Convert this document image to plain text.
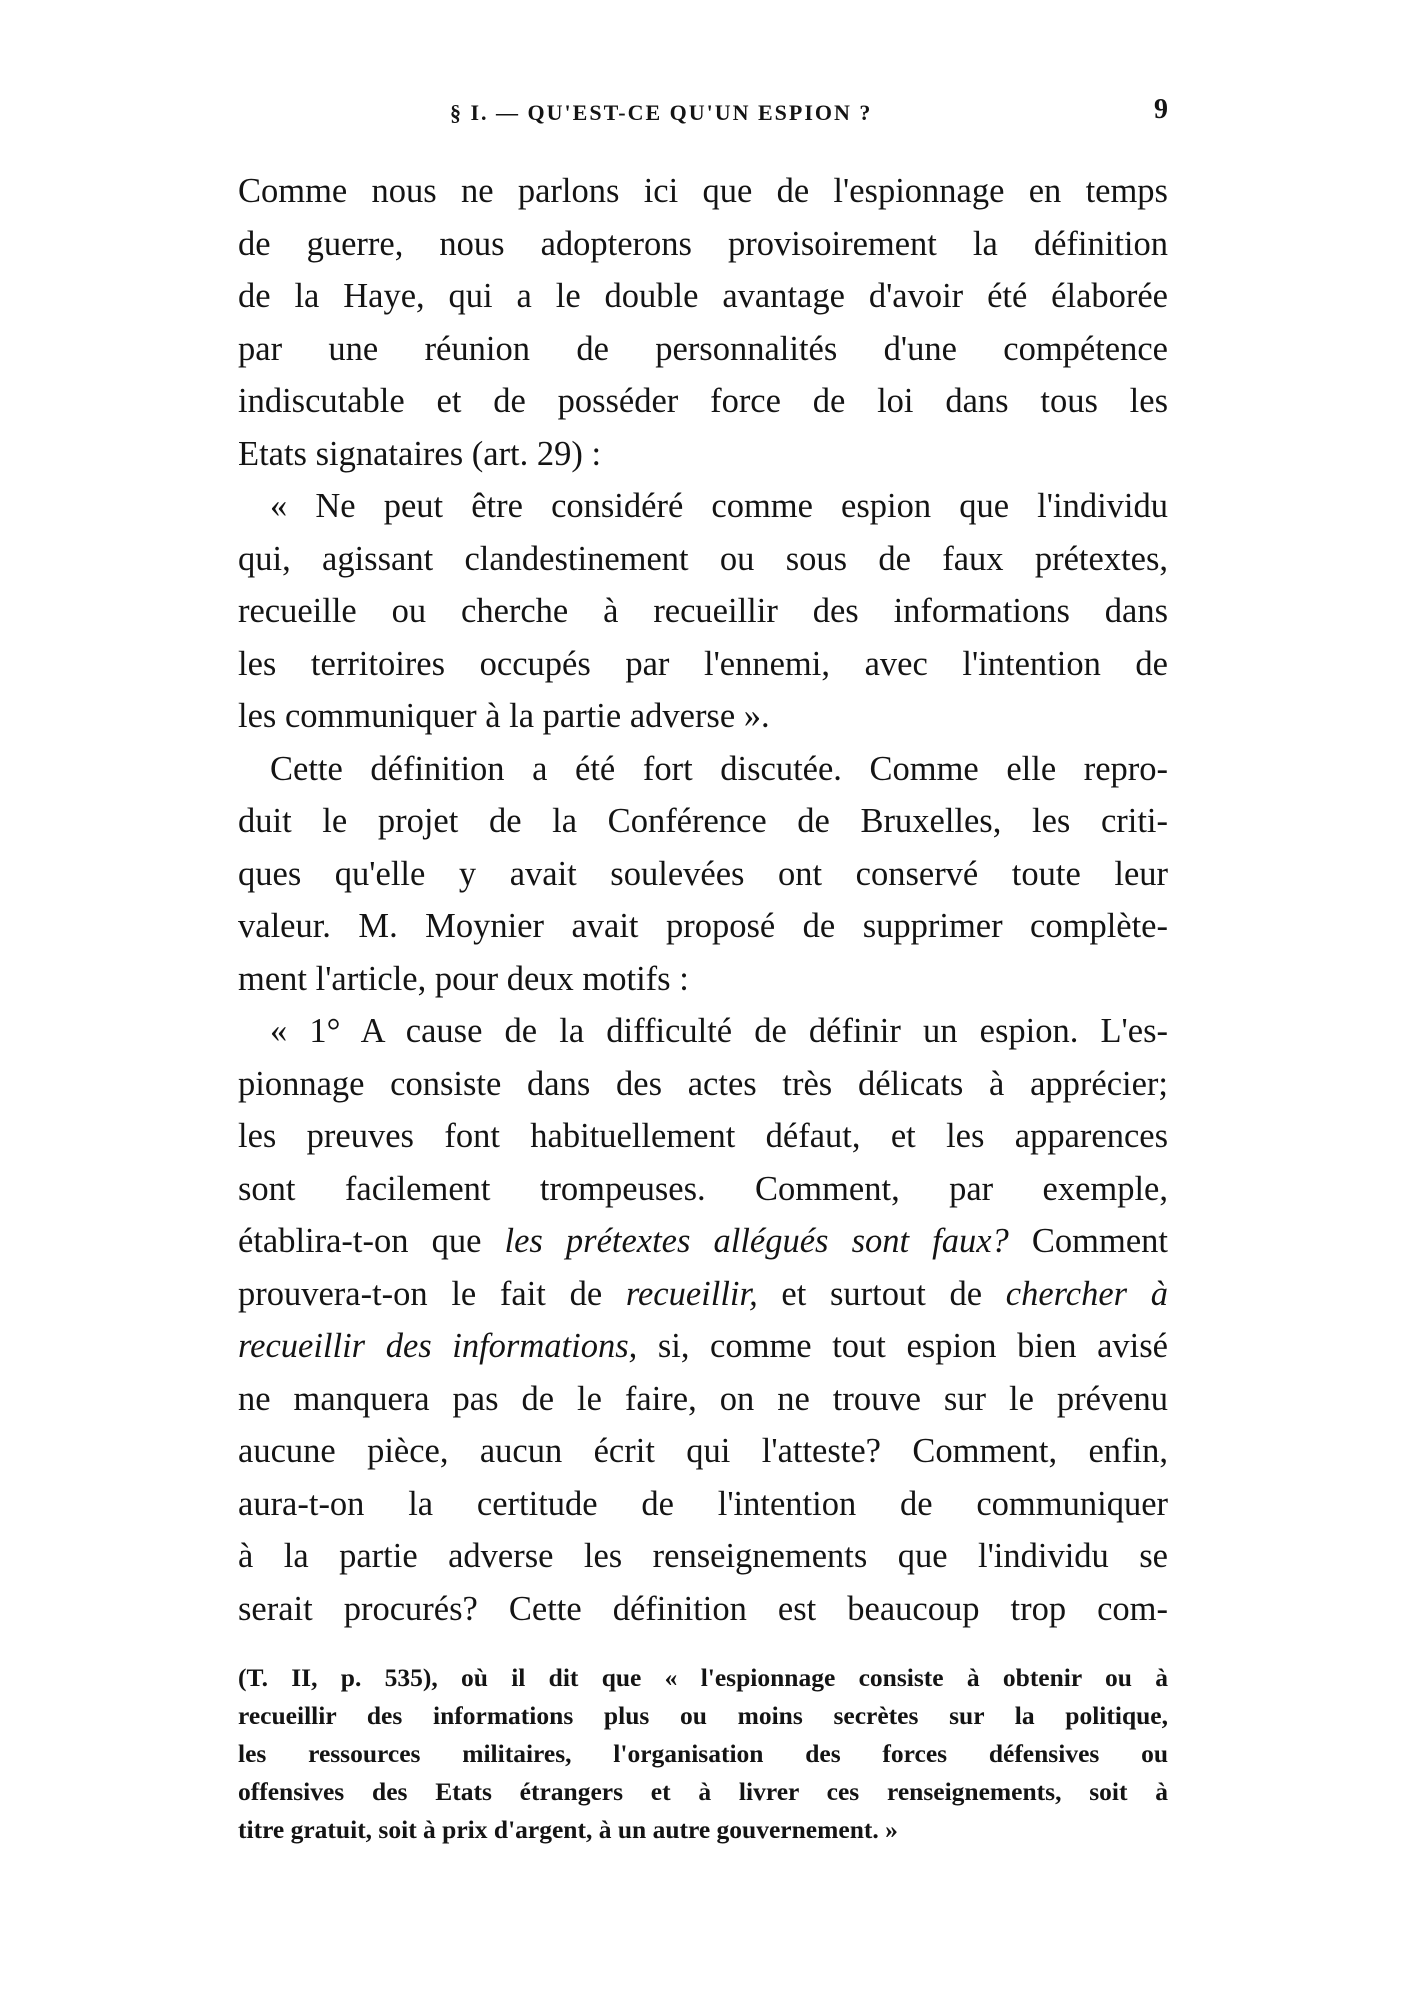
§ I. — QU'EST-CE QU'UN ESPION ?	9

Comme nous ne parlons ici que de l'espionnage en temps
de guerre, nous adopterons provisoirement la définition
de la Haye, qui a le double avantage d'avoir été élaborée
par une réunion de personnalités d'une compétence
indiscutable et de posséder force de loi dans tous les
Etats signataires (art. 29) :

« Ne peut être considéré comme espion que l'individu
qui, agissant clandestinement ou sous de faux prétextes,
recueille ou cherche à recueillir des informations dans
les territoires occupés par l'ennemi, avec l'intention de
les communiquer à la partie adverse ».

Cette définition a été fort discutée. Comme elle repro-
duit le projet de la Conférence de Bruxelles, les criti-
ques qu'elle y avait soulevées ont conservé toute leur
valeur. M. Moynier avait proposé de supprimer complète-
ment l'article, pour deux motifs :

« 1° A cause de la difficulté de définir un espion. L'es-
pionnage consiste dans des actes très délicats à apprécier;
les preuves font habituellement défaut, et les apparences
sont facilement trompeuses. Comment, par exemple,
établira-t-on que les prétextes allégués sont faux? Comment
prouvera-t-on le fait de recueillir, et surtout de chercher à
recueillir des informations, si, comme tout espion bien avisé
ne manquera pas de le faire, on ne trouve sur le prévenu
aucune pièce, aucun écrit qui l'atteste? Comment, enfin,
aura-t-on la certitude de l'intention de communiquer
à la partie adverse les renseignements que l'individu se
serait procurés? Cette définition est beaucoup trop com-

(T. II, p. 535), où il dit que « l'espionnage consiste à obtenir ou à
recueillir des informations plus ou moins secrètes sur la politique,
les ressources militaires, l'organisation des forces défensives ou
offensives des Etats étrangers et à livrer ces renseignements, soit à
titre gratuit, soit à prix d'argent, à un autre gouvernement. »
